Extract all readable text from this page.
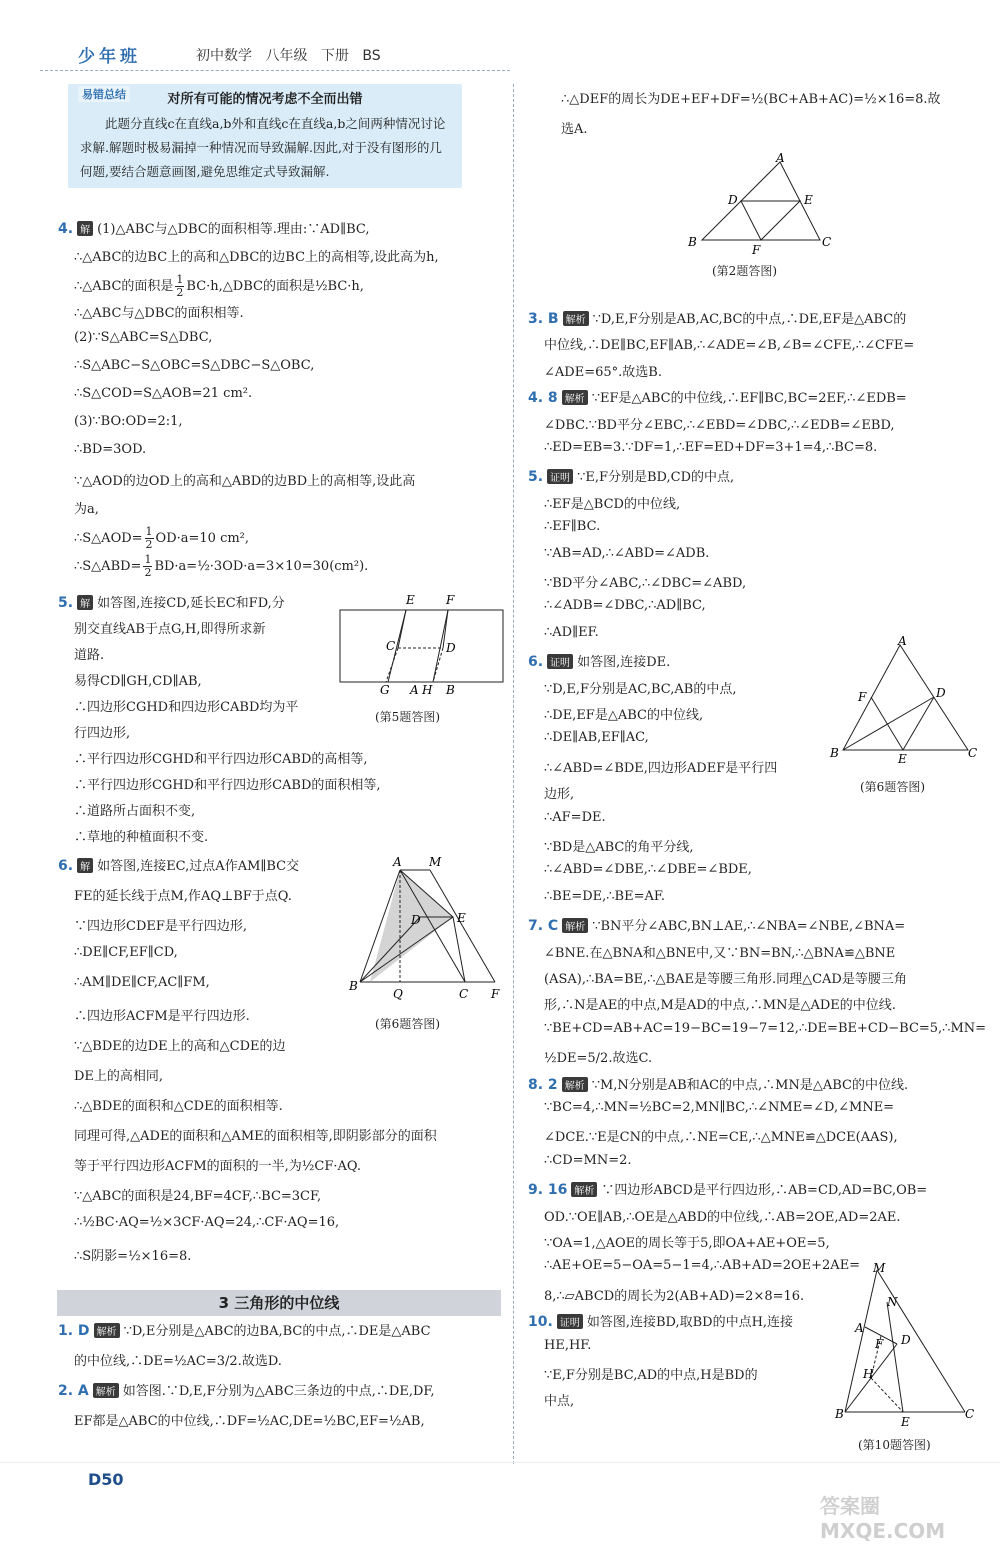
少年班	初中数学 八年级 下册 BS
易错总结	对所有可能的情况考虑不全而出错
此题分直线c在直线a,b外和直线c在直线a,b之间两种情况讨论求解.解题时极易漏掉一种情况而导致漏解.因此,对于没有图形的几何题,要结合题意画图,避免思维定式导致漏解.
4. 解 (1)△ABC与△DBC的面积相等.理由:∵AD∥BC,
∴△ABC的边BC上的高和△DBC的边BC上的高相等,设此高为h,
∴△ABC的面积是 $\frac{1}{2}$ BC·h,△DBC的面积是½BC·h,
∴△ABC与△DBC的面积相等.
(2)∵S△ABC=S△DBC,
∴S△ABC−S△OBC=S△DBC−S△OBC,
∴S△COD=S△AOB=21 cm².
(3)∵BO:OD=2:1,
∴BD=3OD.
∵△AOD的边OD上的高和△ABD的边BD上的高相等,设此高
为a,
∴S△AOD= $\frac{1}{2} OD\cdot a=10$ cm²,
∴S△ABD= $\frac{1}{2}$ BD·a=½·3OD·a=3×10=30(cm²).
5. 解 如答图,连接CD,延长EC和FD,分
别交直线AB于点G,H,即得所求新
道路.
易得CD∥GH,CD∥AB,
∴四边形CGHD和四边形CABD均为平
行四边形,
∴平行四边形CGHD和平行四边形CABD的高相等,
∴平行四边形CGHD和平行四边形CABD的面积相等,
∴道路所占面积不变,
∴草地的种植面积不变.
6. 解 如答图,连接EC,过点A作AM∥BC交
FE的延长线于点M,作AQ⊥BF于点Q.
∵四边形CDEF是平行四边形,
∴DE∥CF,EF∥CD,
∴AM∥DE∥CF,AC∥FM,
∴四边形ACFM是平行四边形.
∵△BDE的边DE上的高和△CDE的边
DE上的高相同,
∴△BDE的面积和△CDE的面积相等.
同理可得,△ADE的面积和△AME的面积相等,即阴影部分的面积
等于平行四边形ACFM的面积的一半,为½CF·AQ.
∵△ABC的面积是24,BF=4CF,∴BC=3CF,
∴½BC·AQ=½×3CF·AQ=24,∴CF·AQ=16,
∴S阴影=½×16=8.
3 三角形的中位线
1. D 解析 ∵D,E分别是△ABC的边BA,BC的中点,∴DE是△ABC
的中位线,∴DE=½AC=3/2.故选D.
2. A 解析 如答图.∵D,E,F分别为△ABC三条边的中点,∴DE,DF,
EF都是△ABC的中位线,∴DF=½AC,DE=½BC,EF=½AB,
∴△DEF的周长为DE+EF+DF=½(BC+AB+AC)=½×16=8.故
选A.
3. B 解析 ∵D,E,F分别是AB,AC,BC的中点,∴DE,EF是△ABC的
中位线,∴DE∥BC,EF∥AB,∴∠ADE=∠B,∠B=∠CFE,∴∠CFE=
∠ADE=65°.故选B.
4. 8 解析 ∵EF是△ABC的中位线,∴EF∥BC,BC=2EF,∴∠EDB=
∠DBC.∵BD平分∠EBC,∴∠EBD=∠DBC,∴∠EDB=∠EBD,
∴ED=EB=3.∵DF=1,∴EF=ED+DF=3+1=4,∴BC=8.
5. 证明 ∵E,F分别是BD,CD的中点,
∴EF是△BCD的中位线,
∴EF∥BC.
∵AB=AD,∴∠ABD=∠ADB.
∵BD平分∠ABC,∴∠DBC=∠ABD,
∴∠ADB=∠DBC,∴AD∥BC,
∴AD∥EF.
6. 证明 如答图,连接DE.
∵D,E,F分别是AC,BC,AB的中点,
∴DE,EF是△ABC的中位线,
∴DE∥AB,EF∥AC,
∴∠ABD=∠BDE,四边形ADEF是平行四
边形,
∴AF=DE.
∵BD是△ABC的角平分线,
∴∠ABD=∠DBE,∴∠DBE=∠BDE,
∴BE=DE,∴BE=AF.
7. C 解析 ∵BN平分∠ABC,BN⊥AE,∴∠NBA=∠NBE,∠BNA=
∠BNE.在△BNA和△BNE中,又∵BN=BN,∴△BNA≌△BNE
(ASA),∴BA=BE,∴△BAE是等腰三角形.同理△CAD是等腰三角
形,∴N是AE的中点,M是AD的中点,∴MN是△ADE的中位线.
∵BE+CD=AB+AC=19−BC=19−7=12,∴DE=BE+CD−BC=5,∴MN=
½DE=5/2.故选C.
8. 2 解析 ∵M,N分别是AB和AC的中点,∴MN是△ABC的中位线.
∵BC=4,∴MN=½BC=2,MN∥BC,∴∠NME=∠D,∠MNE=
∠DCE.∵E是CN的中点,∴NE=CE,∴△MNE≌△DCE(AAS),
∴CD=MN=2.
9. 16 解析 ∵四边形ABCD是平行四边形,∴AB=CD,AD=BC,OB=
OD.∵OE∥AB,∴OE是△ABD的中位线,∴AB=2OE,AD=2AE.
∵OA=1,△AOE的周长等于5,即OA+AE+OE=5,
∴AE+OE=5−OA=5−1=4,∴AB+AD=2OE+2AE=
8,∴▱ABCD的周长为2(AB+AD)=2×8=16.
10. 证明 如答图,连接BD,取BD的中点H,连接
HE,HF.
∵E,F分别是BC,AD的中点,H是BD的
中点,
E	F
C	D
G A H B
(第5题答图)
A M
D	E
B
Q	C F
(第6题答图)
A
D	E
B
F
C
(第2题答图)
A
F	D
B	E	C
(第6题答图)
M
N
A
F D
H
B
E
C
(第10题答图)
D50
答案圈 MXQE.COM
